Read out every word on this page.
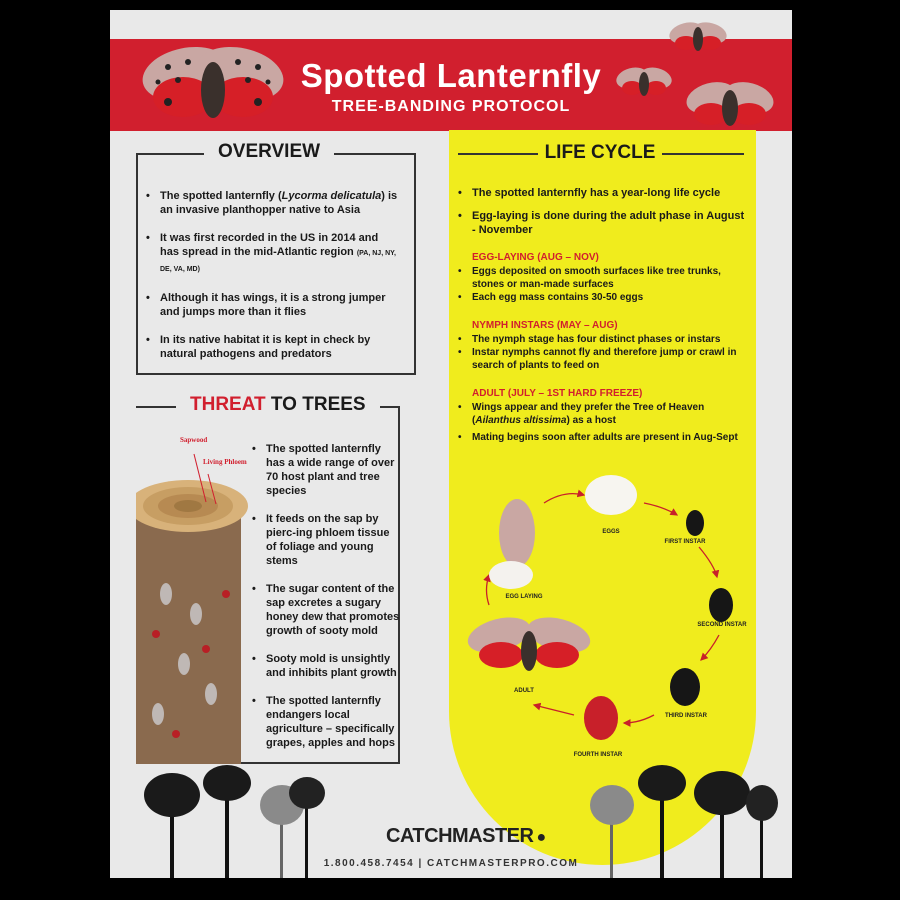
Spotted Lanternfly
TREE-BANDING PROTOCOL
OVERVIEW
• The spotted lanternfly (Lycorma delicatula) is an invasive planthopper native to Asia
• It was first recorded in the US in 2014 and has spread in the mid-Atlantic region (PA, NJ, NY, DE, VA, MD)
• Although it has wings, it is a strong jumper and jumps more than it flies
• In its native habitat it is kept in check by natural pathogens and predators
THREAT TO TREES
• The spotted lanternfly has a wide range of over 70 host plant and tree species
• It feeds on the sap by pierc-ing phloem tissue of foliage and young stems
• The sugar content of the sap excretes a sugary honey dew that promotes growth of sooty mold
• Sooty mold is unsightly and inhibits plant growth
• The spotted lanternfly endangers local agriculture – specifically grapes, apples and hops
Sapwood
Living Phloem
LIFE CYCLE
• The spotted lanternfly has a year-long life cycle
• Egg-laying is done during the adult phase in August - November
EGG-LAYING (AUG – NOV)
• Eggs deposited on smooth surfaces like tree trunks, stones or man-made surfaces
• Each egg mass contains 30-50 eggs
NYMPH INSTARS (MAY – AUG)
• The nymph stage has four distinct phases or instars
• Instar nymphs cannot fly and therefore jump or crawl in search of plants to feed on
ADULT (JULY – 1ST HARD FREEZE)
• Wings appear and they prefer the Tree of Heaven (Ailanthus altissima) as a host
• Mating begins soon after adults are present in Aug-Sept
EGGS
FIRST INSTAR
SECOND INSTAR
THIRD INSTAR
FOURTH INSTAR
ADULT
EGG LAYING
CATCHMASTER ●
1.800.458.7454 | CATCHMASTERPRO.COM
